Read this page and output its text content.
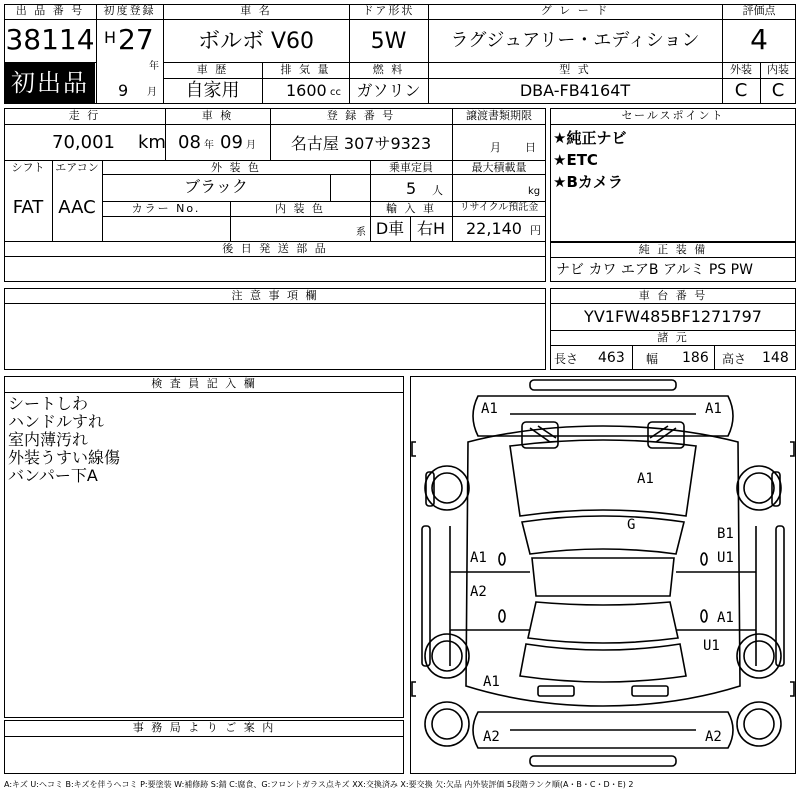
出 品 番 号
38114
初出品
初度登録
H 27
年
9 月
車 名
ボルボ V60
ドア形状
5W
グ レ ー ド
ラグジュアリー・エディション
評価点
4
車 歴
自家用
排 気 量
1600 cc
燃 料
ガソリン
型 式
DBA-FB4164T
外装	内装
C	C
走 行
70,001 km
車 検
08 年 09 月
登 録 番 号
名古屋 307サ9323
譲渡書類期限
月 日
シフト エアコン
FAT AAC
外 装 色
ブラック
乗車定員
5 人
最大積載量
kg
カラー No.	内 装 色
系
輸 入 車
D車 右H
リサイクル預託金
22,140 円
後 日 発 送 部 品
注 意 事 項 欄
セールスポイント
★純正ナビ
★ETC
★Bカメラ
純 正 装 備
ナビ カワ エアB アルミ PS PW
車 台 番 号
YV1FW485BF1271797
諸 元
長さ 463 幅 186 高さ 148
検 査 員 記 入 欄
シートしわ
ハンドルすれ
室内薄汚れ
外装うすい線傷
バンパー下A
事 務 局 よ り ご 案 内
A1	A1
A1
G
B1
U1
A1
U1
A1
A2
A1
A2	A2
A:キズ U:ヘコミ B:キズを伴うヘコミ P:要塗装 W:補修跡 S:錆 C:腐食、G:フロントガラス点キズ XX:交換済み X:要交換 欠:欠品 内外装評価 5段階ランク順(A・B・C・D・E) 2
